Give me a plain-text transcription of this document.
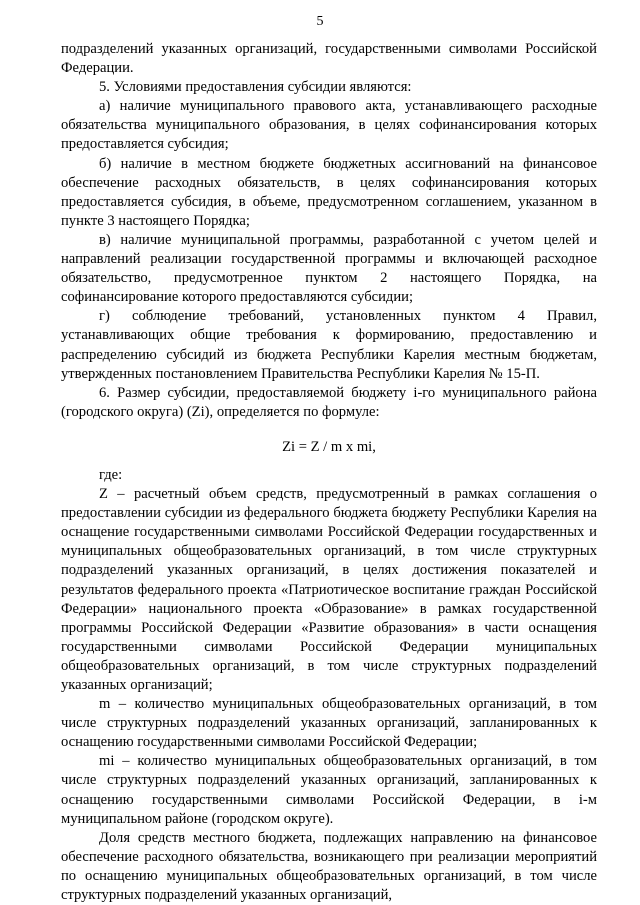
5

подразделений указанных организаций, государственными символами Российской Федерации.

5. Условиями предоставления субсидии являются:

а) наличие муниципального правового акта, устанавливающего расходные обязательства муниципального образования, в целях софинансирования которых предоставляется субсидия;

б) наличие в местном бюджете бюджетных ассигнований на финансовое обеспечение расходных обязательств, в целях софинансирования которых предоставляется субсидия, в объеме, предусмотренном соглашением, указанном в пункте 3 настоящего Порядка;

в) наличие муниципальной программы, разработанной с учетом целей и направлений реализации государственной программы и включающей расходное обязательство, предусмотренное пунктом 2 настоящего Порядка, на софинансирование которого предоставляются субсидии;

г) соблюдение требований, установленных пунктом 4 Правил, устанавливающих общие требования к формированию, предоставлению и распределению субсидий из бюджета Республики Карелия местным бюджетам, утвержденных постановлением Правительства Республики Карелия № 15-П.

6. Размер субсидии, предоставляемой бюджету i-го муниципального района (городского округа) (Zi), определяется по формуле:

Zi = Z / m x mi,

где:

Z – расчетный объем средств, предусмотренный в рамках соглашения о предоставлении субсидии из федерального бюджета бюджету Республики Карелия на оснащение государственными символами Российской Федерации государственных и муниципальных общеобразовательных организаций, в том числе структурных подразделений указанных организаций, в целях достижения показателей и результатов федерального проекта «Патриотическое воспитание граждан Российской Федерации» национального проекта «Образование» в рамках государственной программы Российской Федерации «Развитие образования» в части оснащения государственными символами Российской Федерации муниципальных общеобразовательных организаций, в том числе структурных подразделений указанных организаций;

m – количество муниципальных общеобразовательных организаций, в том числе структурных подразделений указанных организаций, запланированных к оснащению государственными символами Российской Федерации;

mi – количество муниципальных общеобразовательных организаций, в том числе структурных подразделений указанных организаций, запланированных к оснащению государственными символами Российской Федерации, в i-м муниципальном районе (городском округе).

Доля средств местного бюджета, подлежащих направлению на финансовое обеспечение расходного обязательства, возникающего при реализации мероприятий по оснащению муниципальных общеобразовательных организаций, в том числе структурных подразделений указанных организаций,
